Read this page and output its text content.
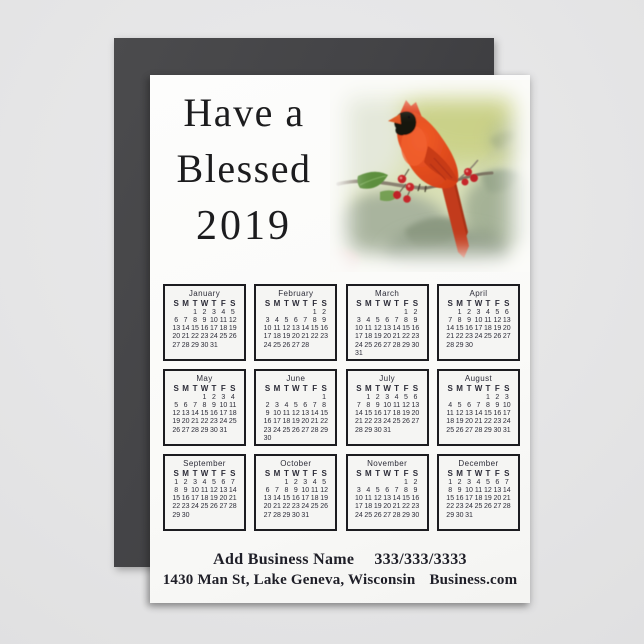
Have a
Blessed
2019
January
S M T W T F S
1 2 3 4 5
6 7 8 9 10 11 12
13 14 15 16 17 18 19
20 21 22 23 24 25 26
27 28 29 30 31
February
S M T W T F S
1 2
3 4 5 6 7 8 9
10 11 12 13 14 15 16
17 18 19 20 21 22 23
24 25 26 27 28
March
S M T W T F S
1 2
3 4 5 6 7 8 9
10 11 12 13 14 15 16
17 18 19 20 21 22 23
24 25 26 27 28 29 30
31
April
S M T W T F S
1 2 3 4 5 6
7 8 9 10 11 12 13
14 15 16 17 18 19 20
21 22 23 24 25 26 27
28 29 30
May
S M T W T F S
1 2 3 4
5 6 7 8 9 10 11
12 13 14 15 16 17 18
19 20 21 22 23 24 25
26 27 28 29 30 31
June
S M T W T F S
1
2 3 4 5 6 7 8
9 10 11 12 13 14 15
16 17 18 19 20 21 22
23 24 25 26 27 28 29
30
July
S M T W T F S
1 2 3 4 5 6
7 8 9 10 11 12 13
14 15 16 17 18 19 20
21 22 23 24 25 26 27
28 29 30 31
August
S M T W T F S
1 2 3
4 5 6 7 8 9 10
11 12 13 14 15 16 17
18 19 20 21 22 23 24
25 26 27 28 29 30 31
September
S M T W T F S
1 2 3 4 5 6 7
8 9 10 11 12 13 14
15 16 17 18 19 20 21
22 23 24 25 26 27 28
29 30
October
S M T W T F S
1 2 3 4 5
6 7 8 9 10 11 12
13 14 15 16 17 18 19
20 21 22 23 24 25 26
27 28 29 30 31
November
S M T W T F S
1 2
3 4 5 6 7 8 9
10 11 12 13 14 15 16
17 18 19 20 21 22 23
24 25 26 27 28 29 30
December
S M T W T F S
1 2 3 4 5 6 7
8 9 10 11 12 13 14
15 16 17 18 19 20 21
22 23 24 25 26 27 28
29 30 31
Add Business Name 333/333/3333
1430 Man St, Lake Geneva, Wisconsin Business.com
